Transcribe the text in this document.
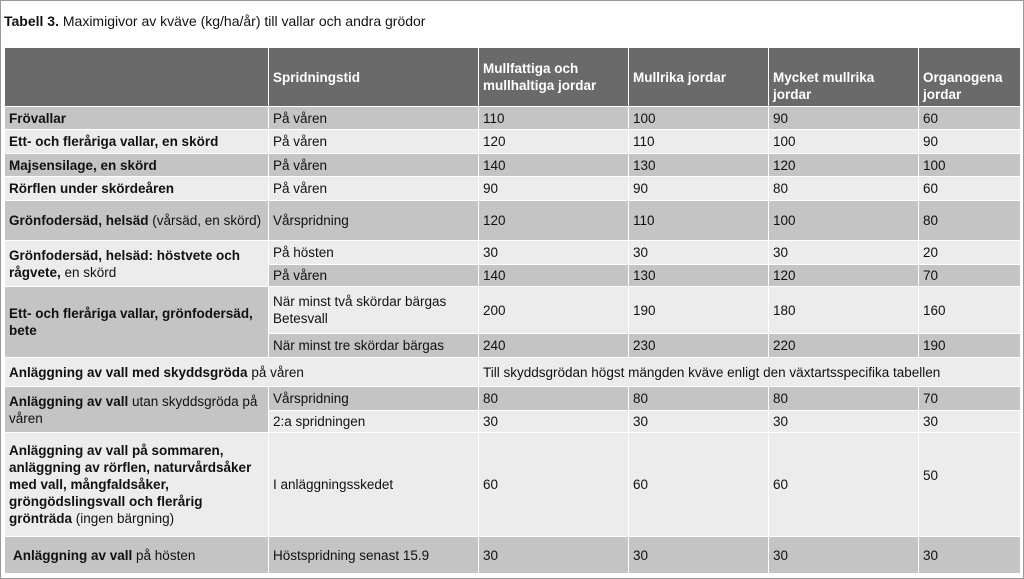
Tabell 3. Maximigivor av kväve (kg/ha/år) till vallar och andra grödor
	Spridningstid	Mullfattiga och mullhaltiga jordar	Mullrika jordar	Mycket mullrika jordar	Organogena jordar
Frövallar	På våren	110	100	90	60
Ett- och fleråriga vallar, en skörd	På våren	120	110	100	90
Majsensilage, en skörd	På våren	140	130	120	100
Rörflen under skördeåren	På våren	90	90	80	60
Grönfodersäd, helsäd (vårsäd, en skörd)	Vårspridning	120	110	100	80
Grönfodersäd, helsäd: höstvete och rågvete, en skörd	På hösten	30	30	30	20
	På våren	140	130	120	70
Ett- och fleråriga vallar, grönfodersäd, bete	När minst två skördar bärgas Betesvall	200	190	180	160
	När minst tre skördar bärgas	240	230	220	190
Anläggning av vall med skyddsgröda på våren		Till skyddsgrödan högst mängden kväve enligt den växtartsspecifika tabellen			
Anläggning av vall utan skyddsgröda på våren	Vårspridning	80	80	80	70
	2:a spridningen	30	30	30	30
Anläggning av vall på sommaren, anläggning av rörflen, naturvårdsåker med vall, mångfaldsåker, gröngödslingsvall och flerårig grönträda (ingen bärgning)	I anläggningsskedet	60	60	60	50
Anläggning av vall på hösten	Höstspridning senast 15.9	30	30	30	30
